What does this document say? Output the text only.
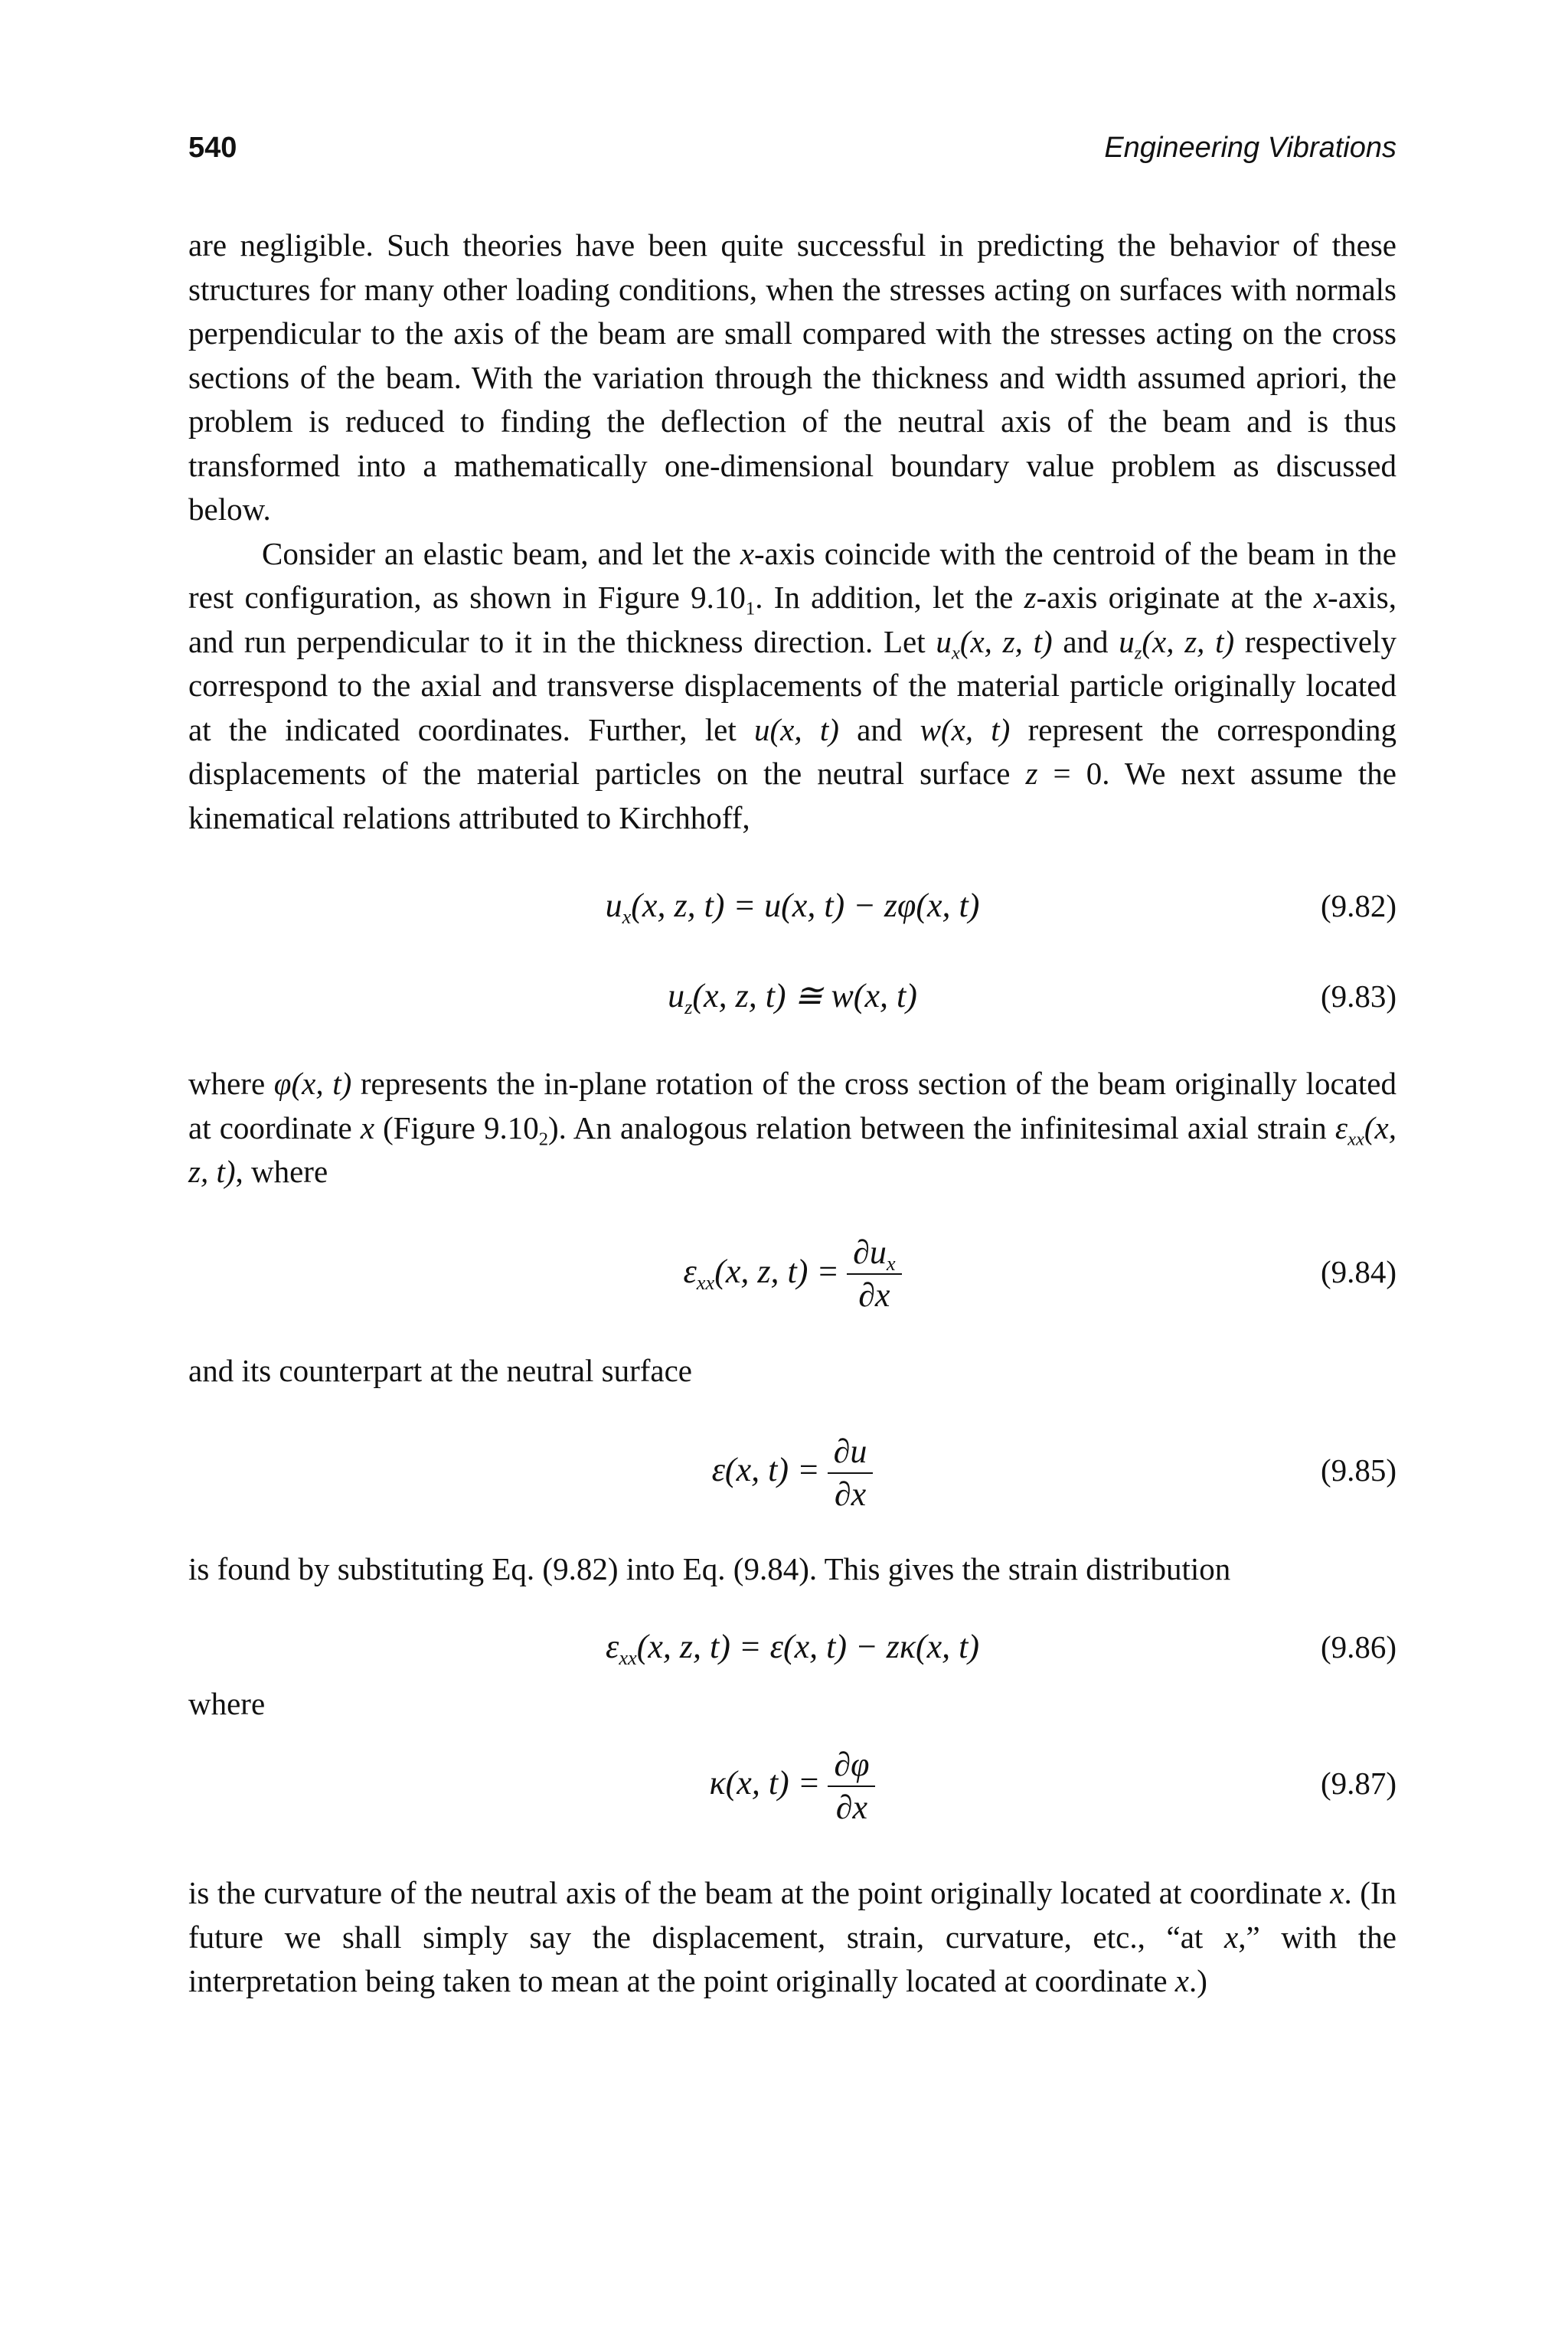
540	Engineering Vibrations

are negligible. Such theories have been quite successful in predicting the behavior of these structures for many other loading conditions, when the stresses acting on surfaces with normals perpendicular to the axis of the beam are small compared with the stresses acting on the cross sections of the beam. With the variation through the thickness and width assumed apriori, the problem is reduced to finding the deflection of the neutral axis of the beam and is thus transformed into a mathematically one-dimensional boundary value problem as discussed below.

Consider an elastic beam, and let the x-axis coincide with the centroid of the beam in the rest configuration, as shown in Figure $9.10_1$. In addition, let the z-axis originate at the x-axis, and run perpendicular to it in the thickness direction. Let $u_x(x$, z, t) and $u_z(x$, z, t) respectively correspond to the axial and transverse displacements of the material particle originally located at the indicated coordinates. Further, let u(x, t) and w(x, t) represent the corresponding displacements of the material particles on the neutral surface z = 0. We next assume the kinematical relations attributed to Kirchhoff,

$u_x(x$, z, t) = u(x, t) − zφ(x, t)	(9.82)
$u_z(x$, z, t) ≅ w(x, t)	(9.83)

where φ(x, t) represents the in-plane rotation of the cross section of the beam originally located at coordinate x (Figure $9.10_2$). An analogous relation between the infinitesimal axial strain $\varepsilon_{xx}(x$, z, t), where

$\varepsilon_{xx}(x$, z, $t) = \frac{\partial u_x}{\partial x}$	(9.84)

and its counterpart at the neutral surface

ε(x, $t) = \frac{\partial u}{\partial x}$	(9.85)

is found by substituting Eq. (9.82) into Eq. (9.84). This gives the strain distribution

$\varepsilon_{xx}(x$, z, t) = ε(x, t) − zκ(x, t)	(9.86)

where

κ(x, $t) = \frac{\partial\varphi}{\partial x}$	(9.87)

is the curvature of the neutral axis of the beam at the point originally located at coordinate x. (In future we shall simply say the displacement, strain, curvature, etc., “at x,” with the interpretation being taken to mean at the point originally located at coordinate x.)
